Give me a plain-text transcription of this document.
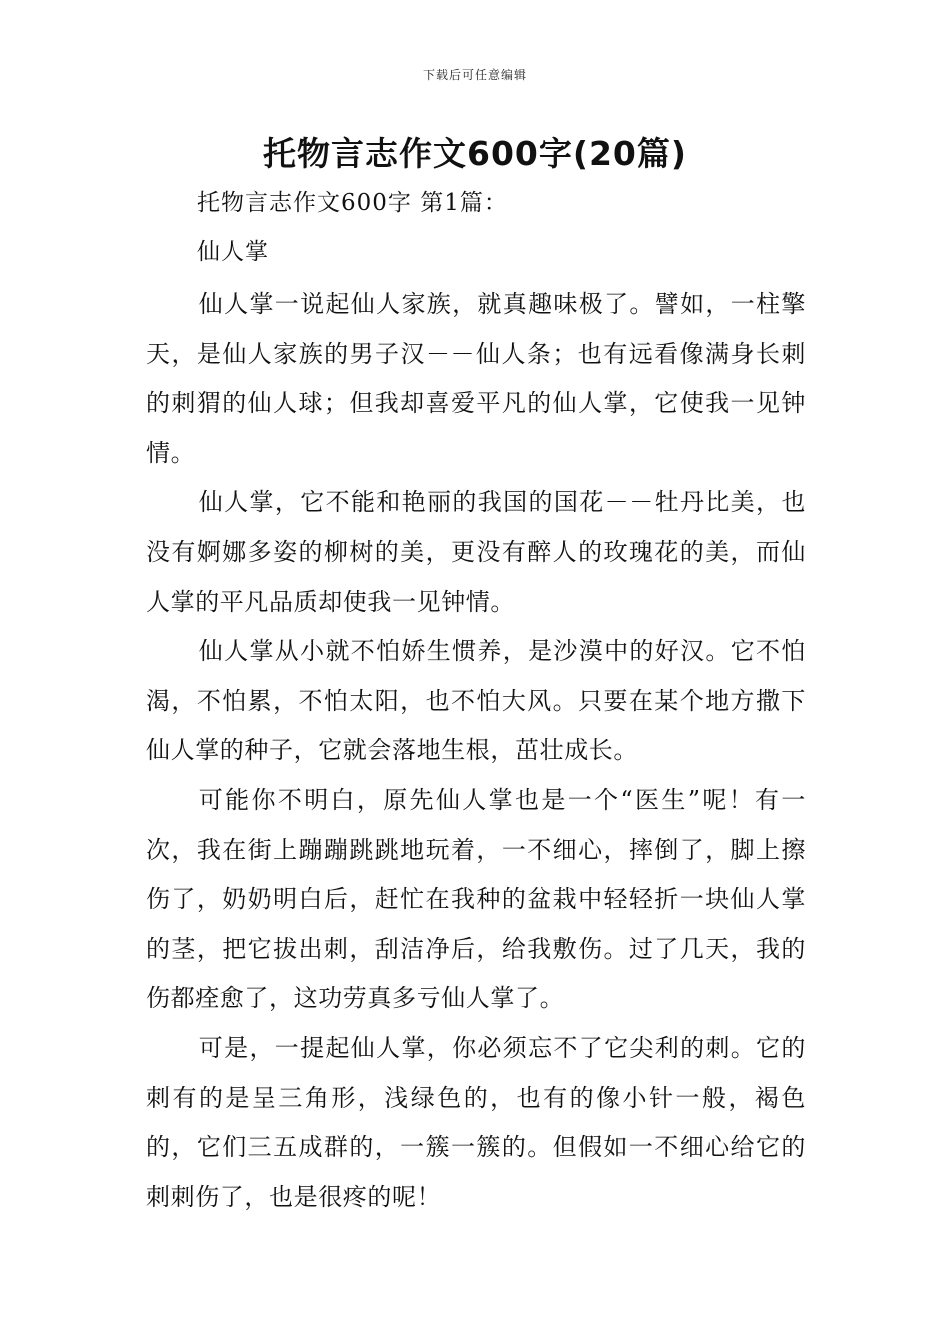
下载后可任意编辑
托物言志作文600字(20篇)
托物言志作文600字 第1篇：
仙人掌

仙人掌一说起仙人家族，就真趣味极了。譬如，一柱擎天，是仙人家族的男子汉－－仙人条；也有远看像满身长刺的刺猬的仙人球；但我却喜爱平凡的仙人掌，它使我一见钟情。

仙人掌，它不能和艳丽的我国的国花－－牡丹比美，也没有婀娜多姿的柳树的美，更没有醉人的玫瑰花的美，而仙人掌的平凡品质却使我一见钟情。

仙人掌从小就不怕娇生惯养，是沙漠中的好汉。它不怕渴，不怕累，不怕太阳，也不怕大风。只要在某个地方撒下仙人掌的种子，它就会落地生根，茁壮成长。

可能你不明白，原先仙人掌也是一个“医生”呢！有一次，我在街上蹦蹦跳跳地玩着，一不细心，摔倒了，脚上擦伤了，奶奶明白后，赶忙在我种的盆栽中轻轻折一块仙人掌的茎，把它拔出刺，刮洁净后，给我敷伤。过了几天，我的伤都痊愈了，这功劳真多亏仙人掌了。

可是，一提起仙人掌，你必须忘不了它尖利的刺。它的刺有的是呈三角形，浅绿色的，也有的像小针一般，褐色的，它们三五成群的，一簇一簇的。但假如一不细心给它的刺刺伤了，也是很疼的呢！
